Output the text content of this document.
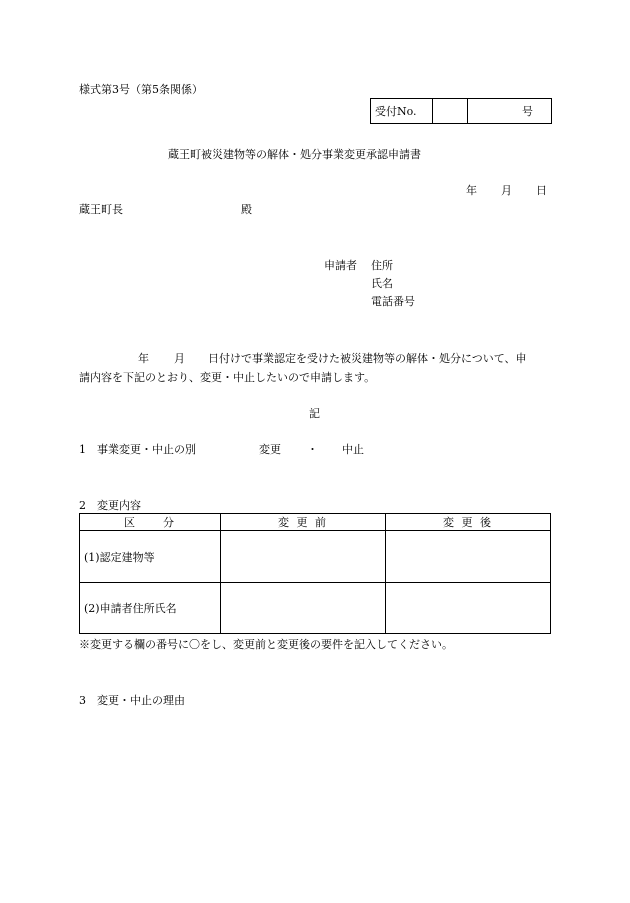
様式第3号（第5条関係）
受付No.		号
蔵王町被災建物等の解体・処分事業変更承認申請書
年 月 日
蔵王町長	殿
申請者 住所
氏名
電話番号
年 月 日付けで事業認定を受けた被災建物等の解体・処分について、申
請内容を下記のとおり、変更・中止したいので申請します。
記
1　事業変更・中止の別	変更 ・ 中止
2　変更内容
区　　分	変 更 前	変 更 後
(1)認定建物等		
(2)申請者住所氏名		
※変更する欄の番号に〇をし、変更前と変更後の要件を記入してください。
3　変更・中止の理由
